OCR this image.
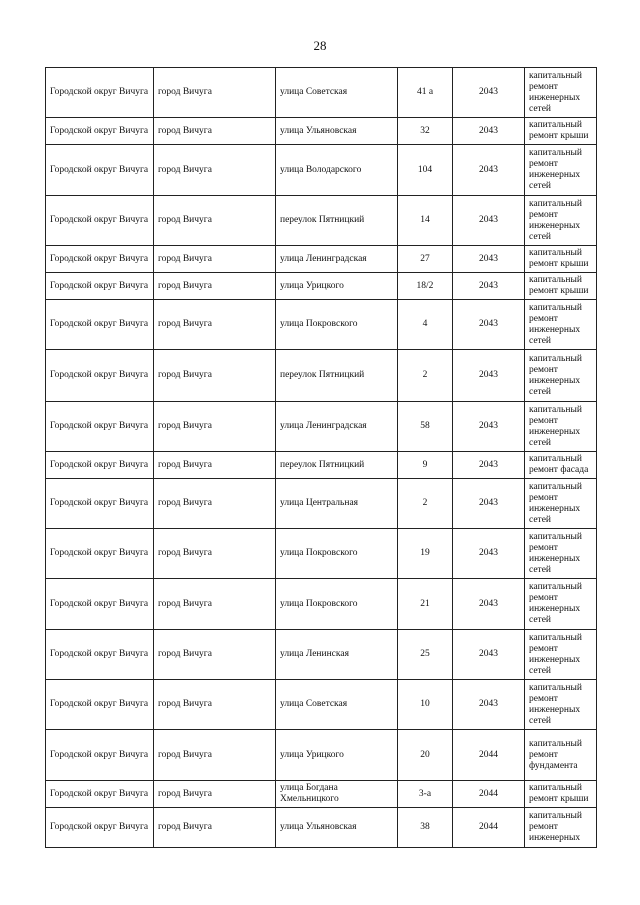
28
Городской округ Вичуга	город Вичуга	улица Советская	41 а	2043	капитальный ремонт инженерных сетей
Городской округ Вичуга	город Вичуга	улица Ульяновская	32	2043	капитальный ремонт крыши
Городской округ Вичуга	город Вичуга	улица Володарского	104	2043	капитальный ремонт инженерных сетей
Городской округ Вичуга	город Вичуга	переулок Пятницкий	14	2043	капитальный ремонт инженерных сетей
Городской округ Вичуга	город Вичуга	улица Ленинградская	27	2043	капитальный ремонт крыши
Городской округ Вичуга	город Вичуга	улица Урицкого	18/2	2043	капитальный ремонт крыши
Городской округ Вичуга	город Вичуга	улица Покровского	4	2043	капитальный ремонт инженерных сетей
Городской округ Вичуга	город Вичуга	переулок Пятницкий	2	2043	капитальный ремонт инженерных сетей
Городской округ Вичуга	город Вичуга	улица Ленинградская	58	2043	капитальный ремонт инженерных сетей
Городской округ Вичуга	город Вичуга	переулок Пятницкий	9	2043	капитальный ремонт фасада
Городской округ Вичуга	город Вичуга	улица Центральная	2	2043	капитальный ремонт инженерных сетей
Городской округ Вичуга	город Вичуга	улица Покровского	19	2043	капитальный ремонт инженерных сетей
Городской округ Вичуга	город Вичуга	улица Покровского	21	2043	капитальный ремонт инженерных сетей
Городской округ Вичуга	город Вичуга	улица Ленинская	25	2043	капитальный ремонт инженерных сетей
Городской округ Вичуга	город Вичуга	улица Советская	10	2043	капитальный ремонт инженерных сетей
Городской округ Вичуга	город Вичуга	улица Урицкого	20	2044	капитальный ремонт фундамента
Городской округ Вичуга	город Вичуга	улица Богдана Хмельницкого	3-а	2044	капитальный ремонт крыши
Городской округ Вичуга	город Вичуга	улица Ульяновская	38	2044	капитальный ремонт инженерных
